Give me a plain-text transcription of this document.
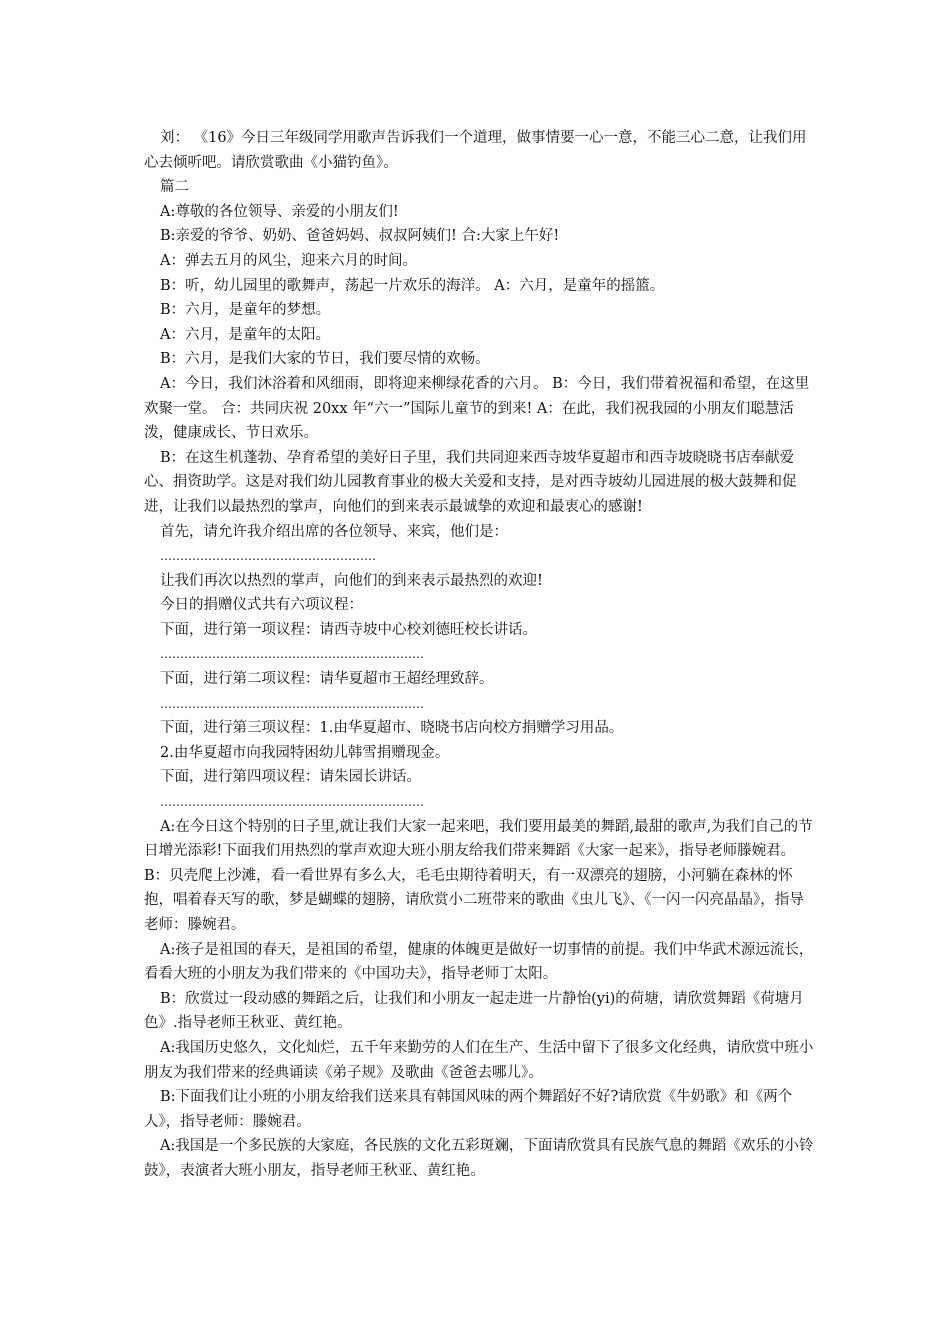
刘： 《16》今日三年级同学用歌声告诉我们一个道理，做事情要一心一意，不能三心二意，让我们用心去倾听吧。请欣赏歌曲《小猫钓鱼》。

篇二

A:尊敬的各位领导、亲爱的小朋友们!

B:亲爱的爷爷、奶奶、爸爸妈妈、叔叔阿姨们! 合:大家上午好!

A：弹去五月的风尘，迎来六月的时间。

B：听，幼儿园里的歌舞声，荡起一片欢乐的海洋。 A：六月，是童年的摇篮。

B：六月，是童年的梦想。

A：六月，是童年的太阳。

B：六月，是我们大家的节日，我们要尽情的欢畅。

A：今日，我们沐浴着和风细雨，即将迎来柳绿花香的六月。 B：今日，我们带着祝福和希望，在这里欢聚一堂。 合：共同庆祝 20xx 年“六一”国际儿童节的到来! A：在此，我们祝我园的小朋友们聪慧活泼，健康成长、节日欢乐。

B：在这生机蓬勃、孕育希望的美好日子里，我们共同迎来西寺坡华夏超市和西寺坡晓晓书店奉献爱心、捐资助学。这是对我们幼儿园教育事业的极大关爱和支持，是对西寺坡幼儿园进展的极大鼓舞和促进，让我们以最热烈的掌声，向他们的到来表示最诚挚的欢迎和最衷心的感谢!

首先，请允许我介绍出席的各位领导、来宾，他们是：

………………………………………………

让我们再次以热烈的掌声，向他们的到来表示最热烈的欢迎!

今日的捐赠仪式共有六项议程：

下面，进行第一项议程：请西寺坡中心校刘德旺校长讲话。

…………………………………………………………

下面，进行第二项议程：请华夏超市王超经理致辞。

…………………………………………………………

下面，进行第三项议程：1.由华夏超市、晓晓书店向校方捐赠学习用品。

2.由华夏超市向我园特困幼儿韩雪捐赠现金。

下面，进行第四项议程：请朱园长讲话。

…………………………………………………………

A:在今日这个特别的日子里,就让我们大家一起来吧，我们要用最美的舞蹈,最甜的歌声,为我们自己的节日增光添彩!下面我们用热烈的掌声欢迎大班小朋友给我们带来舞蹈《大家一起来》，指导老师滕婉君。 B：贝壳爬上沙滩，看一看世界有多么大，毛毛虫期待着明天，有一双漂亮的翅膀，小河躺在森林的怀抱，唱着春天写的歌，梦是蝴蝶的翅膀，请欣赏小二班带来的歌曲《虫儿飞》、《一闪一闪亮晶晶》，指导老师：滕婉君。

A:孩子是祖国的春天，是祖国的希望，健康的体魄更是做好一切事情的前提。我们中华武术源远流长，看看大班的小朋友为我们带来的《中国功夫》，指导老师丁太阳。

B：欣赏过一段动感的舞蹈之后，让我们和小朋友一起走进一片静怡(yi)的荷塘，请欣赏舞蹈《荷塘月色》.指导老师王秋亚、黄红艳。

A:我国历史悠久，文化灿烂，五千年来勤劳的人们在生产、生活中留下了很多文化经典，请欣赏中班小朋友为我们带来的经典诵读《弟子规》及歌曲《爸爸去哪儿》。

B:下面我们让小班的小朋友给我们送来具有韩国风味的两个舞蹈好不好?请欣赏《牛奶歌》和《两个人》，指导老师：滕婉君。

A:我国是一个多民族的大家庭，各民族的文化五彩斑斓，下面请欣赏具有民族气息的舞蹈《欢乐的小铃鼓》，表演者大班小朋友，指导老师王秋亚、黄红艳。
